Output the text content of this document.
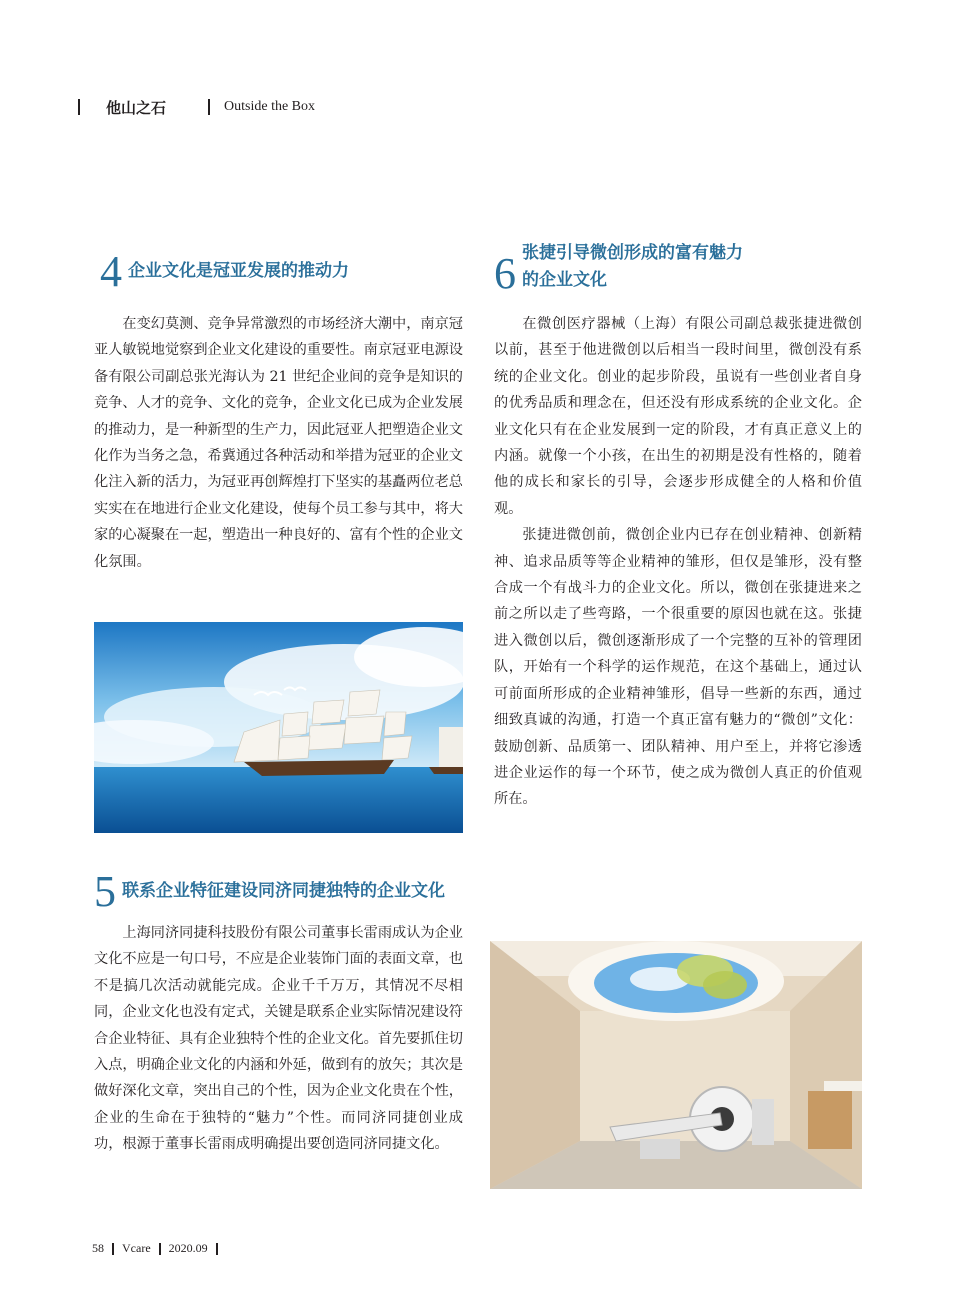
他山之石	Outside the Box
4 企业文化是冠亚发展的推动力

在变幻莫测、竞争异常激烈的市场经济大潮中，南京冠亚人敏锐地觉察到企业文化建设的重要性。南京冠亚电源设备有限公司副总张光海认为 21 世纪企业间的竞争是知识的竞争、人才的竞争、文化的竞争，企业文化已成为企业发展的推动力，是一种新型的生产力，因此冠亚人把塑造企业文化作为当务之急，希冀通过各种活动和举措为冠亚的企业文化注入新的活力，为冠亚再创辉煌打下坚实的基矗两位老总实实在在地进行企业文化建设，使每个员工参与其中，将大家的心凝聚在一起，塑造出一种良好的、富有个性的企业文化氛围。

5 联系企业特征建设同济同捷独特的企业文化

上海同济同捷科技股份有限公司董事长雷雨成认为企业文化不应是一句口号，不应是企业装饰门面的表面文章，也不是搞几次活动就能完成。企业千千万万，其情况不尽相同，企业文化也没有定式，关键是联系企业实际情况建设符合企业特征、具有企业独特个性的企业文化。首先要抓住切入点，明确企业文化的内涵和外延，做到有的放矢；其次是做好深化文章，突出自己的个性，因为企业文化贵在个性，企业的生命在于独特的“魅力”个性。而同济同捷创业成功，根源于董事长雷雨成明确提出要创造同济同捷文化。

6 张捷引导微创形成的富有魅力
的企业文化

在微创医疗器械（上海）有限公司副总裁张捷进微创以前，甚至于他进微创以后相当一段时间里，微创没有系统的企业文化。创业的起步阶段，虽说有一些创业者自身的优秀品质和理念在，但还没有形成系统的企业文化。企业文化只有在企业发展到一定的阶段，才有真正意义上的内涵。就像一个小孩，在出生的初期是没有性格的，随着他的成长和家长的引导，会逐步形成健全的人格和价值观。

张捷进微创前，微创企业内已存在创业精神、创新精神、追求品质等等企业精神的雏形，但仅是雏形，没有整合成一个有战斗力的企业文化。所以，微创在张捷进来之前之所以走了些弯路，一个很重要的原因也就在这。张捷进入微创以后，微创逐渐形成了一个完整的互补的管理团队，开始有一个科学的运作规范，在这个基础上，通过认可前面所形成的企业精神雏形，倡导一些新的东西，通过细致真诚的沟通，打造一个真正富有魅力的“微创”文化：鼓励创新、品质第一、团队精神、用户至上，并将它渗透进企业运作的每一个环节，使之成为微创人真正的价值观所在。

58 Vcare 2020.09
